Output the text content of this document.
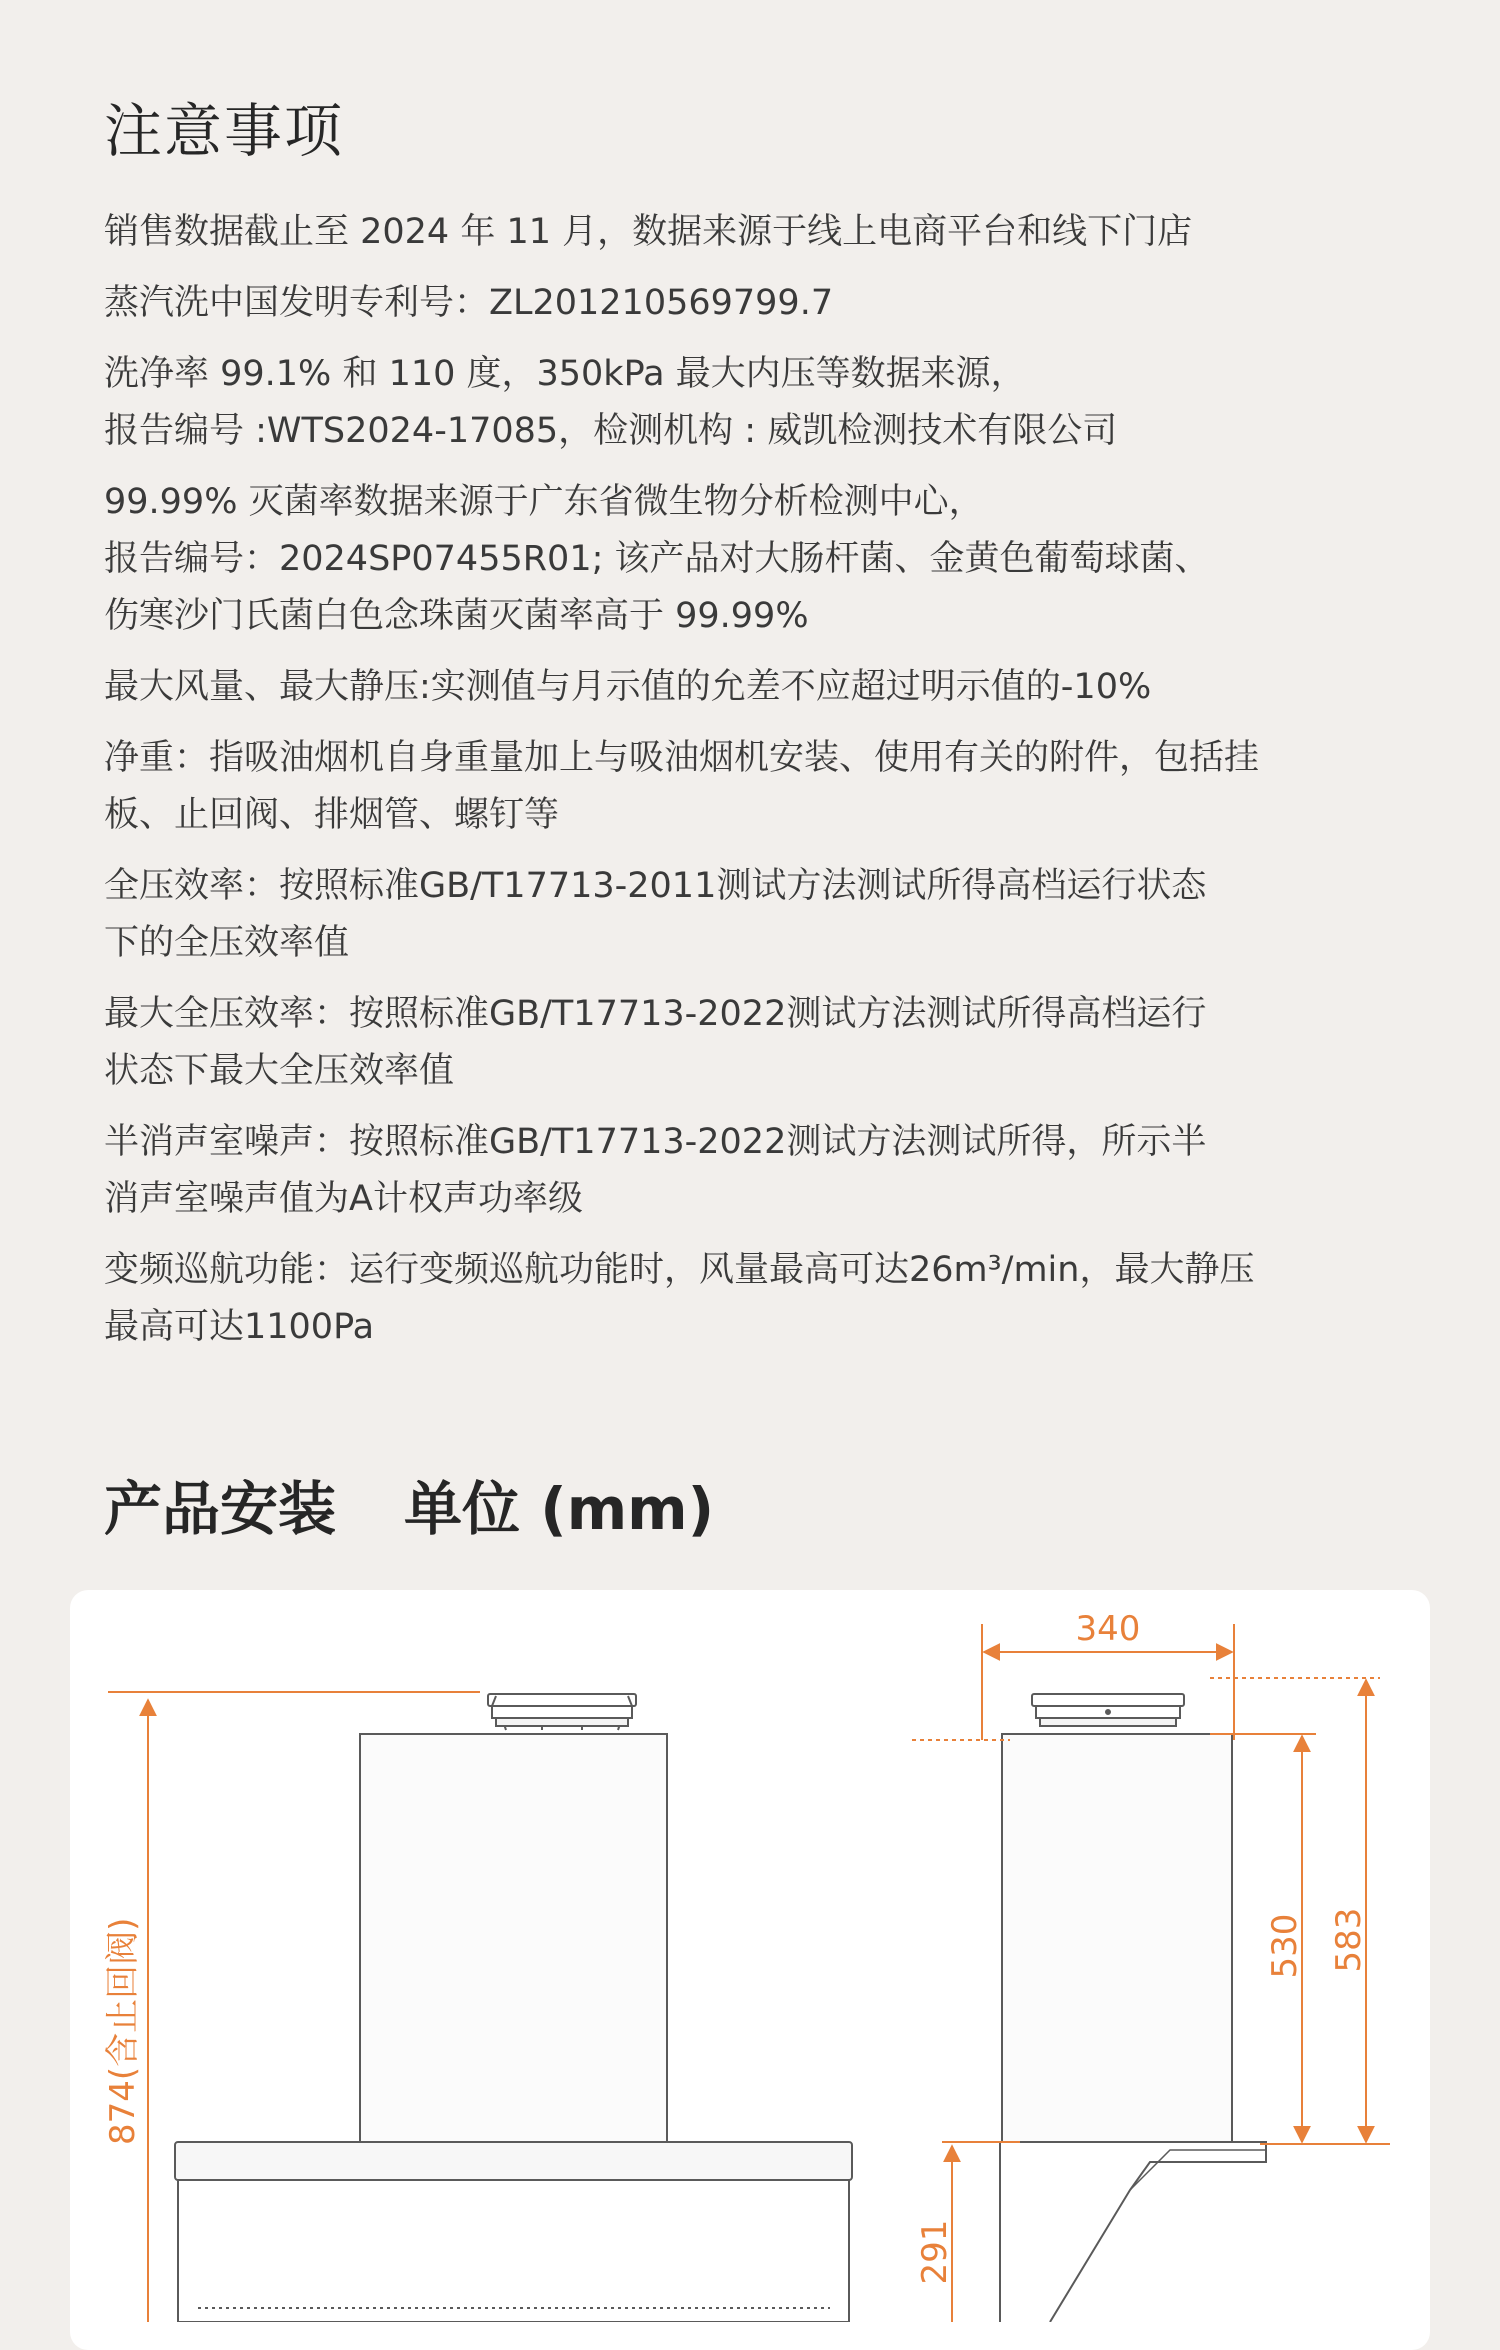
注意事项
销售数据截止至 2024 年 11 月，数据来源于线上电商平台和线下门店
蒸汽洗中国发明专利号：ZL201210569799.7
洗净率 99.1% 和 110 度，350kPa 最大内压等数据来源，
报告编号 :WTS2024-17085，检测机构 : 威凯检测技术有限公司
99.99% 灭菌率数据来源于广东省微生物分析检测中心，
报告编号：2024SP07455R01; 该产品对大肠杆菌、金黄色葡萄球菌、
伤寒沙门氏菌白色念珠菌灭菌率高于 99.99%
最大风量、最大静压:实测值与月示值的允差不应超过明示值的-10%
净重：指吸油烟机自身重量加上与吸油烟机安装、使用有关的附件，包括挂
板、止回阀、排烟管、螺钉等
全压效率：按照标准GB/T17713-2011测试方法测试所得高档运行状态
下的全压效率值
最大全压效率：按照标准GB/T17713-2022测试方法测试所得高档运行
状态下最大全压效率值
半消声室噪声：按照标准GB/T17713-2022测试方法测试所得，所示半
消声室噪声值为A计权声功率级
变频巡航功能：运行变频巡航功能时，风量最高可达26m³/min，最大静压
最高可达1100Pa
产品安装 单位 (mm)
874(含止回阀)
340
583
530
291
